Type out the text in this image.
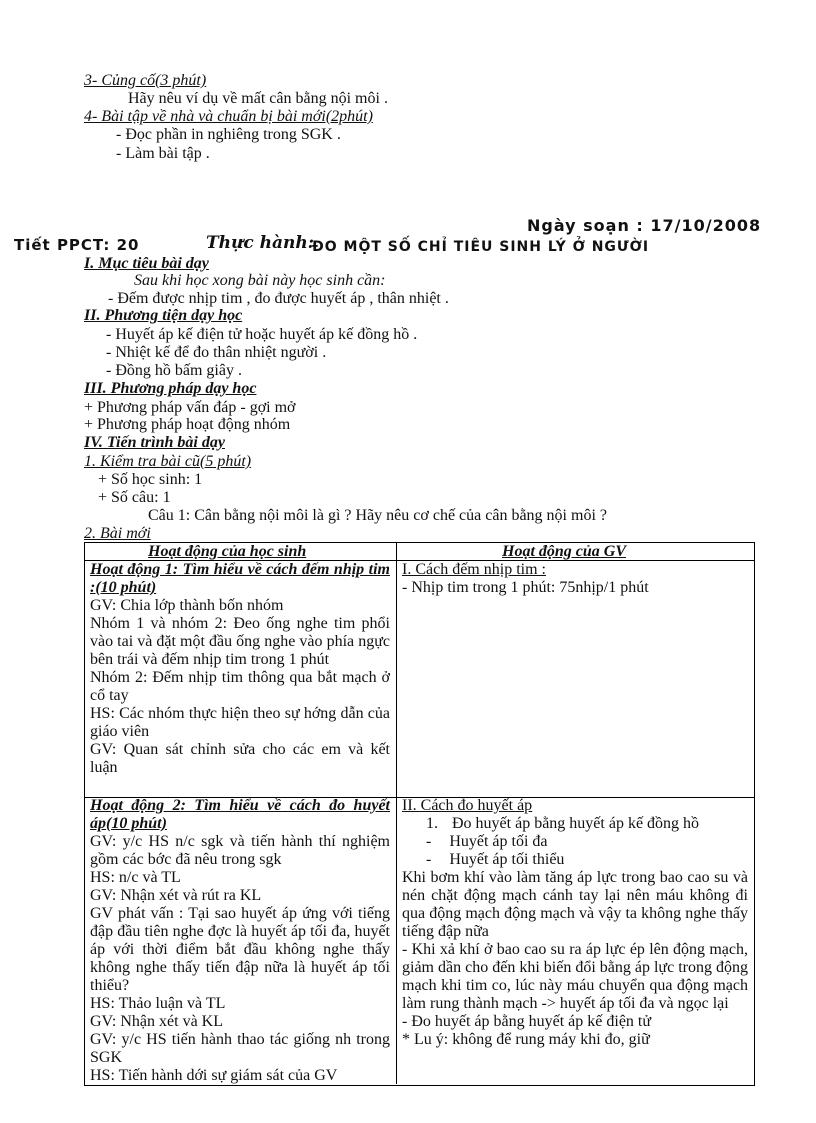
3- Củng cố(3 phút)
Hãy nêu ví dụ về mất cân bằng nội môi .
4- Bài tập về nhà và chuẩn bị bài mới(2phút)
- Đọc phần in nghiêng trong SGK .
- Làm bài tập .
Ngày soạn : 17/10/2008
Tiết PPCT: 20	Thực hành:
ĐO MỘT SỐ CHỈ TIÊU SINH LÝ Ở NGƯỜI
I. Mục tiêu bài dạy
Sau khi học xong bài này học sinh cần:
- Đếm được nhịp tim , đo được huyết áp , thân nhiệt .
II. Phương tiện dạy học
- Huyết áp kế điện tử hoặc huyết áp kế đồng hồ .
- Nhiệt kế để đo thân nhiệt người .
- Đồng hồ bấm giây .
III. Phương pháp dạy học
+ Phương pháp vấn đáp - gợi mở
+ Phương pháp hoạt động nhóm
IV. Tiến trình bài dạy
1. Kiểm tra bài cũ(5 phút)
+ Số học sinh: 1
+ Số câu: 1
Câu 1: Cân bằng nội môi là gì ? Hãy nêu cơ chế của cân bằng nội môi ?
2. Bài mới
Hoạt động của học sinh	Hoạt động của GV

Hoạt động 1: Tìm hiểu về cách đếm nhịp tim :(10 phút)

GV: Chia lớp thành bốn nhóm

Nhóm 1 và nhóm 2: Đeo ống nghe tim phổi vào tai và đặt một đầu ống nghe vào phía ngực bên trái và đếm nhịp tim trong 1 phút

Nhóm 2: Đếm nhịp tim thông qua bắt mạch ở cổ tay

HS: Các nhóm thực hiện theo sự hớng dẫn của giáo viên

GV: Quan sát chỉnh sửa cho các em và kết luận

Hoạt động 2: Tìm hiểu về cách đo huyết áp(10 phút)

GV: y/c HS n/c sgk và tiến hành thí nghiệm gồm các bớc đã nêu trong sgk

HS: n/c và TL

GV: Nhận xét và rút ra KL

GV phát vấn : Tại sao huyết áp ứng với tiếng đập đầu tiên nghe đợc là huyết áp tối đa, huyết áp với thời điểm bắt đầu không nghe thấy không nghe thấy tiến đập nữa là huyết áp tối thiểu?

HS: Thảo luận và TL

GV: Nhận xét và KL

GV: y/c HS tiến hành thao tác giống nh trong SGK

HS: Tiến hành dới sự giám sát của GV

I. Cách đếm nhịp tim :

- Nhịp tim trong 1 phút: 75nhịp/1 phút

II. Cách đo huyết áp

1. Đo huyết áp bằng huyết áp kế đồng hồ

- Huyết áp tối đa

- Huyết áp tối thiểu

Khi bơm khí vào làm tăng áp lực trong bao cao su và nén chặt động mạch cánh tay lại nên máu không đi qua động mạch động mạch và vậy ta không nghe thấy tiếng đập nữa

- Khi xả khí ở bao cao su ra áp lực ép lên động mạch, giảm dần cho đến khi biến đổi bằng áp lực trong động mạch khi tim co, lúc này máu chuyển qua động mạch làm rung thành mạch -> huyết áp tối đa và ngọc lại

- Đo huyết áp bằng huyết áp kế điện tử

* Lu ý: không để rung máy khi đo, giữ
